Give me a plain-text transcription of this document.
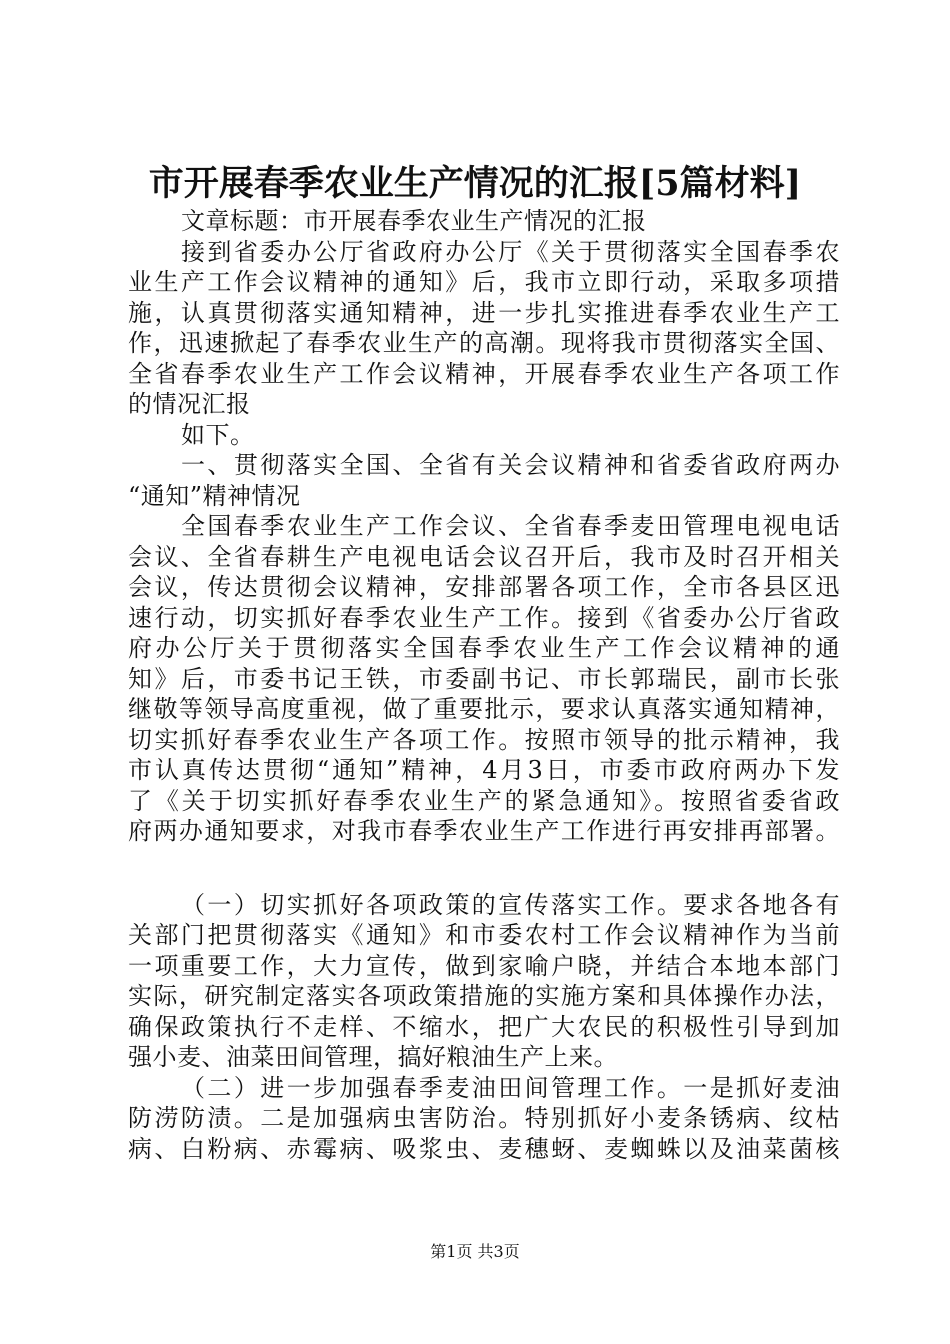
市开展春季农业生产情况的汇报[5篇材料]
文章标题：市开展春季农业生产情况的汇报
接到省委办公厅省政府办公厅《关于贯彻落实全国春季农
业生产工作会议精神的通知》后，我市立即行动，采取多项措
施，认真贯彻落实通知精神，进一步扎实推进春季农业生产工
作，迅速掀起了春季农业生产的高潮。现将我市贯彻落实全国、
全省春季农业生产工作会议精神，开展春季农业生产各项工作
的情况汇报
如下。
一、贯彻落实全国、全省有关会议精神和省委省政府两办
“通知”精神情况
全国春季农业生产工作会议、全省春季麦田管理电视电话
会议、全省春耕生产电视电话会议召开后，我市及时召开相关
会议，传达贯彻会议精神，安排部署各项工作，全市各县区迅
速行动，切实抓好春季农业生产工作。接到《省委办公厅省政
府办公厅关于贯彻落实全国春季农业生产工作会议精神的通
知》后，市委书记王铁，市委副书记、市长郭瑞民，副市长张
继敬等领导高度重视，做了重要批示，要求认真落实通知精神，
切实抓好春季农业生产各项工作。按照市领导的批示精神，我
市认真传达贯彻“通知”精神，4月3日，市委市政府两办下发
了《关于切实抓好春季农业生产的紧急通知》。按照省委省政
府两办通知要求，对我市春季农业生产工作进行再安排再部署。
（一）切实抓好各项政策的宣传落实工作。要求各地各有
关部门把贯彻落实《通知》和市委农村工作会议精神作为当前
一项重要工作，大力宣传，做到家喻户晓，并结合本地本部门
实际，研究制定落实各项政策措施的实施方案和具体操作办法，
确保政策执行不走样、不缩水，把广大农民的积极性引导到加
强小麦、油菜田间管理，搞好粮油生产上来。
（二）进一步加强春季麦油田间管理工作。一是抓好麦油
防涝防渍。二是加强病虫害防治。特别抓好小麦条锈病、纹枯
病、白粉病、赤霉病、吸浆虫、麦穗蚜、麦蜘蛛以及油菜菌核
第1页 共3页
